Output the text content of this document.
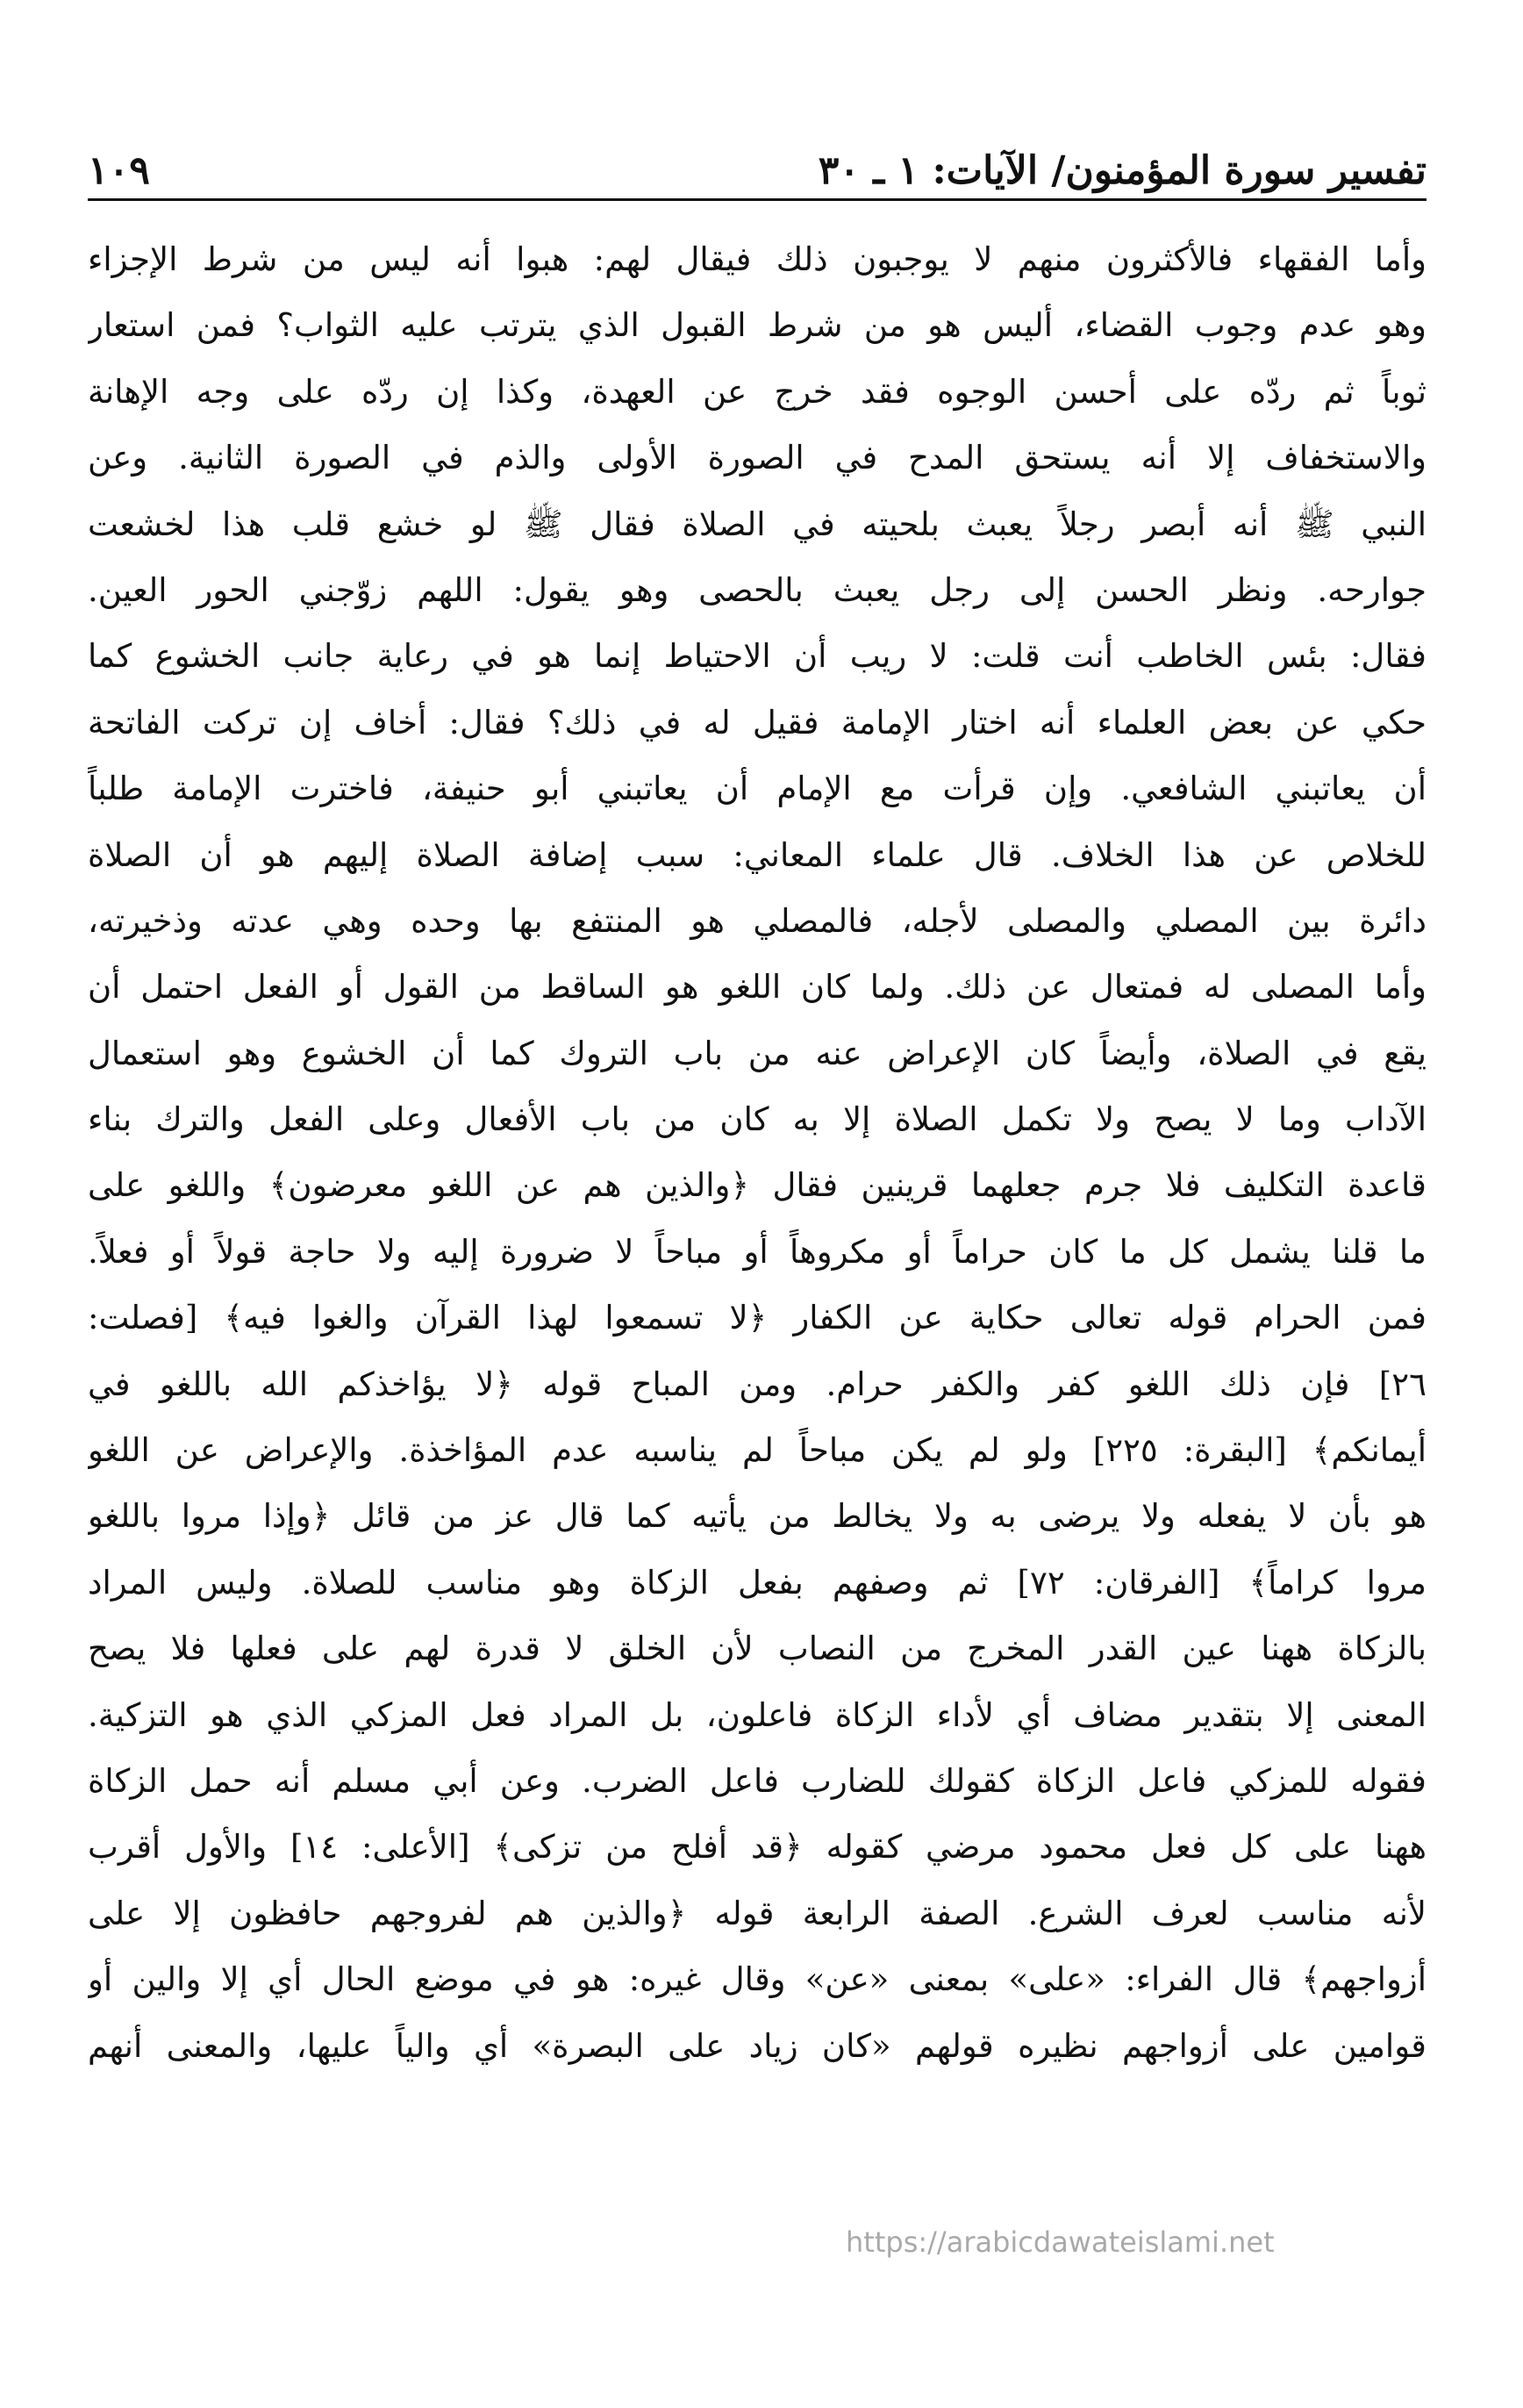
تفسير سورة المؤمنون/ الآيات: ١ ـ ٣٠
١٠٩
وأما الفقهاء فالأكثرون منهم لا يوجبون ذلك فيقال لهم: هبوا أنه ليس من شرط الإجزاء
وهو عدم وجوب القضاء، أليس هو من شرط القبول الذي يترتب عليه الثواب؟ فمن استعار
ثوباً ثم ردّه على أحسن الوجوه فقد خرج عن العهدة، وكذا إن ردّه على وجه الإهانة
والاستخفاف إلا أنه يستحق المدح في الصورة الأولى والذم في الصورة الثانية. وعن
النبي ﷺ أنه أبصر رجلاً يعبث بلحيته في الصلاة فقال ﷺ لو خشع قلب هذا لخشعت
جوارحه. ونظر الحسن إلى رجل يعبث بالحصى وهو يقول: اللهم زوّجني الحور العين.
فقال: بئس الخاطب أنت قلت: لا ريب أن الاحتياط إنما هو في رعاية جانب الخشوع كما
حكي عن بعض العلماء أنه اختار الإمامة فقيل له في ذلك؟ فقال: أخاف إن تركت الفاتحة
أن يعاتبني الشافعي. وإن قرأت مع الإمام أن يعاتبني أبو حنيفة، فاخترت الإمامة طلباً
للخلاص عن هذا الخلاف. قال علماء المعاني: سبب إضافة الصلاة إليهم هو أن الصلاة
دائرة بين المصلي والمصلى لأجله، فالمصلي هو المنتفع بها وحده وهي عدته وذخيرته،
وأما المصلى له فمتعال عن ذلك. ولما كان اللغو هو الساقط من القول أو الفعل احتمل أن
يقع في الصلاة، وأيضاً كان الإعراض عنه من باب التروك كما أن الخشوع وهو استعمال
الآداب وما لا يصح ولا تكمل الصلاة إلا به كان من باب الأفعال وعلى الفعل والترك بناء
قاعدة التكليف فلا جرم جعلهما قرينين فقال ﴿والذين هم عن اللغو معرضون﴾ واللغو على
ما قلنا يشمل كل ما كان حراماً أو مكروهاً أو مباحاً لا ضرورة إليه ولا حاجة قولاً أو فعلاً.
فمن الحرام قوله تعالى حكاية عن الكفار ﴿لا تسمعوا لهذا القرآن والغوا فيه﴾ [فصلت:
٢٦] فإن ذلك اللغو كفر والكفر حرام. ومن المباح قوله ﴿لا يؤاخذكم الله باللغو في
أيمانكم﴾ [البقرة: ٢٢٥] ولو لم يكن مباحاً لم يناسبه عدم المؤاخذة. والإعراض عن اللغو
هو بأن لا يفعله ولا يرضى به ولا يخالط من يأتيه كما قال عز من قائل ﴿وإذا مروا باللغو
مروا كراماً﴾ [الفرقان: ٧٢] ثم وصفهم بفعل الزكاة وهو مناسب للصلاة. وليس المراد
بالزكاة ههنا عين القدر المخرج من النصاب لأن الخلق لا قدرة لهم على فعلها فلا يصح
المعنى إلا بتقدير مضاف أي لأداء الزكاة فاعلون، بل المراد فعل المزكي الذي هو التزكية.
فقوله للمزكي فاعل الزكاة كقولك للضارب فاعل الضرب. وعن أبي مسلم أنه حمل الزكاة
ههنا على كل فعل محمود مرضي كقوله ﴿قد أفلح من تزكى﴾ [الأعلى: ١٤] والأول أقرب
لأنه مناسب لعرف الشرع. الصفة الرابعة قوله ﴿والذين هم لفروجهم حافظون إلا على
أزواجهم﴾ قال الفراء: «على» بمعنى «عن» وقال غيره: هو في موضع الحال أي إلا والين أو
قوامين على أزواجهم نظيره قولهم «كان زياد على البصرة» أي والياً عليها، والمعنى أنهم
https://arabicdawateislami.net
